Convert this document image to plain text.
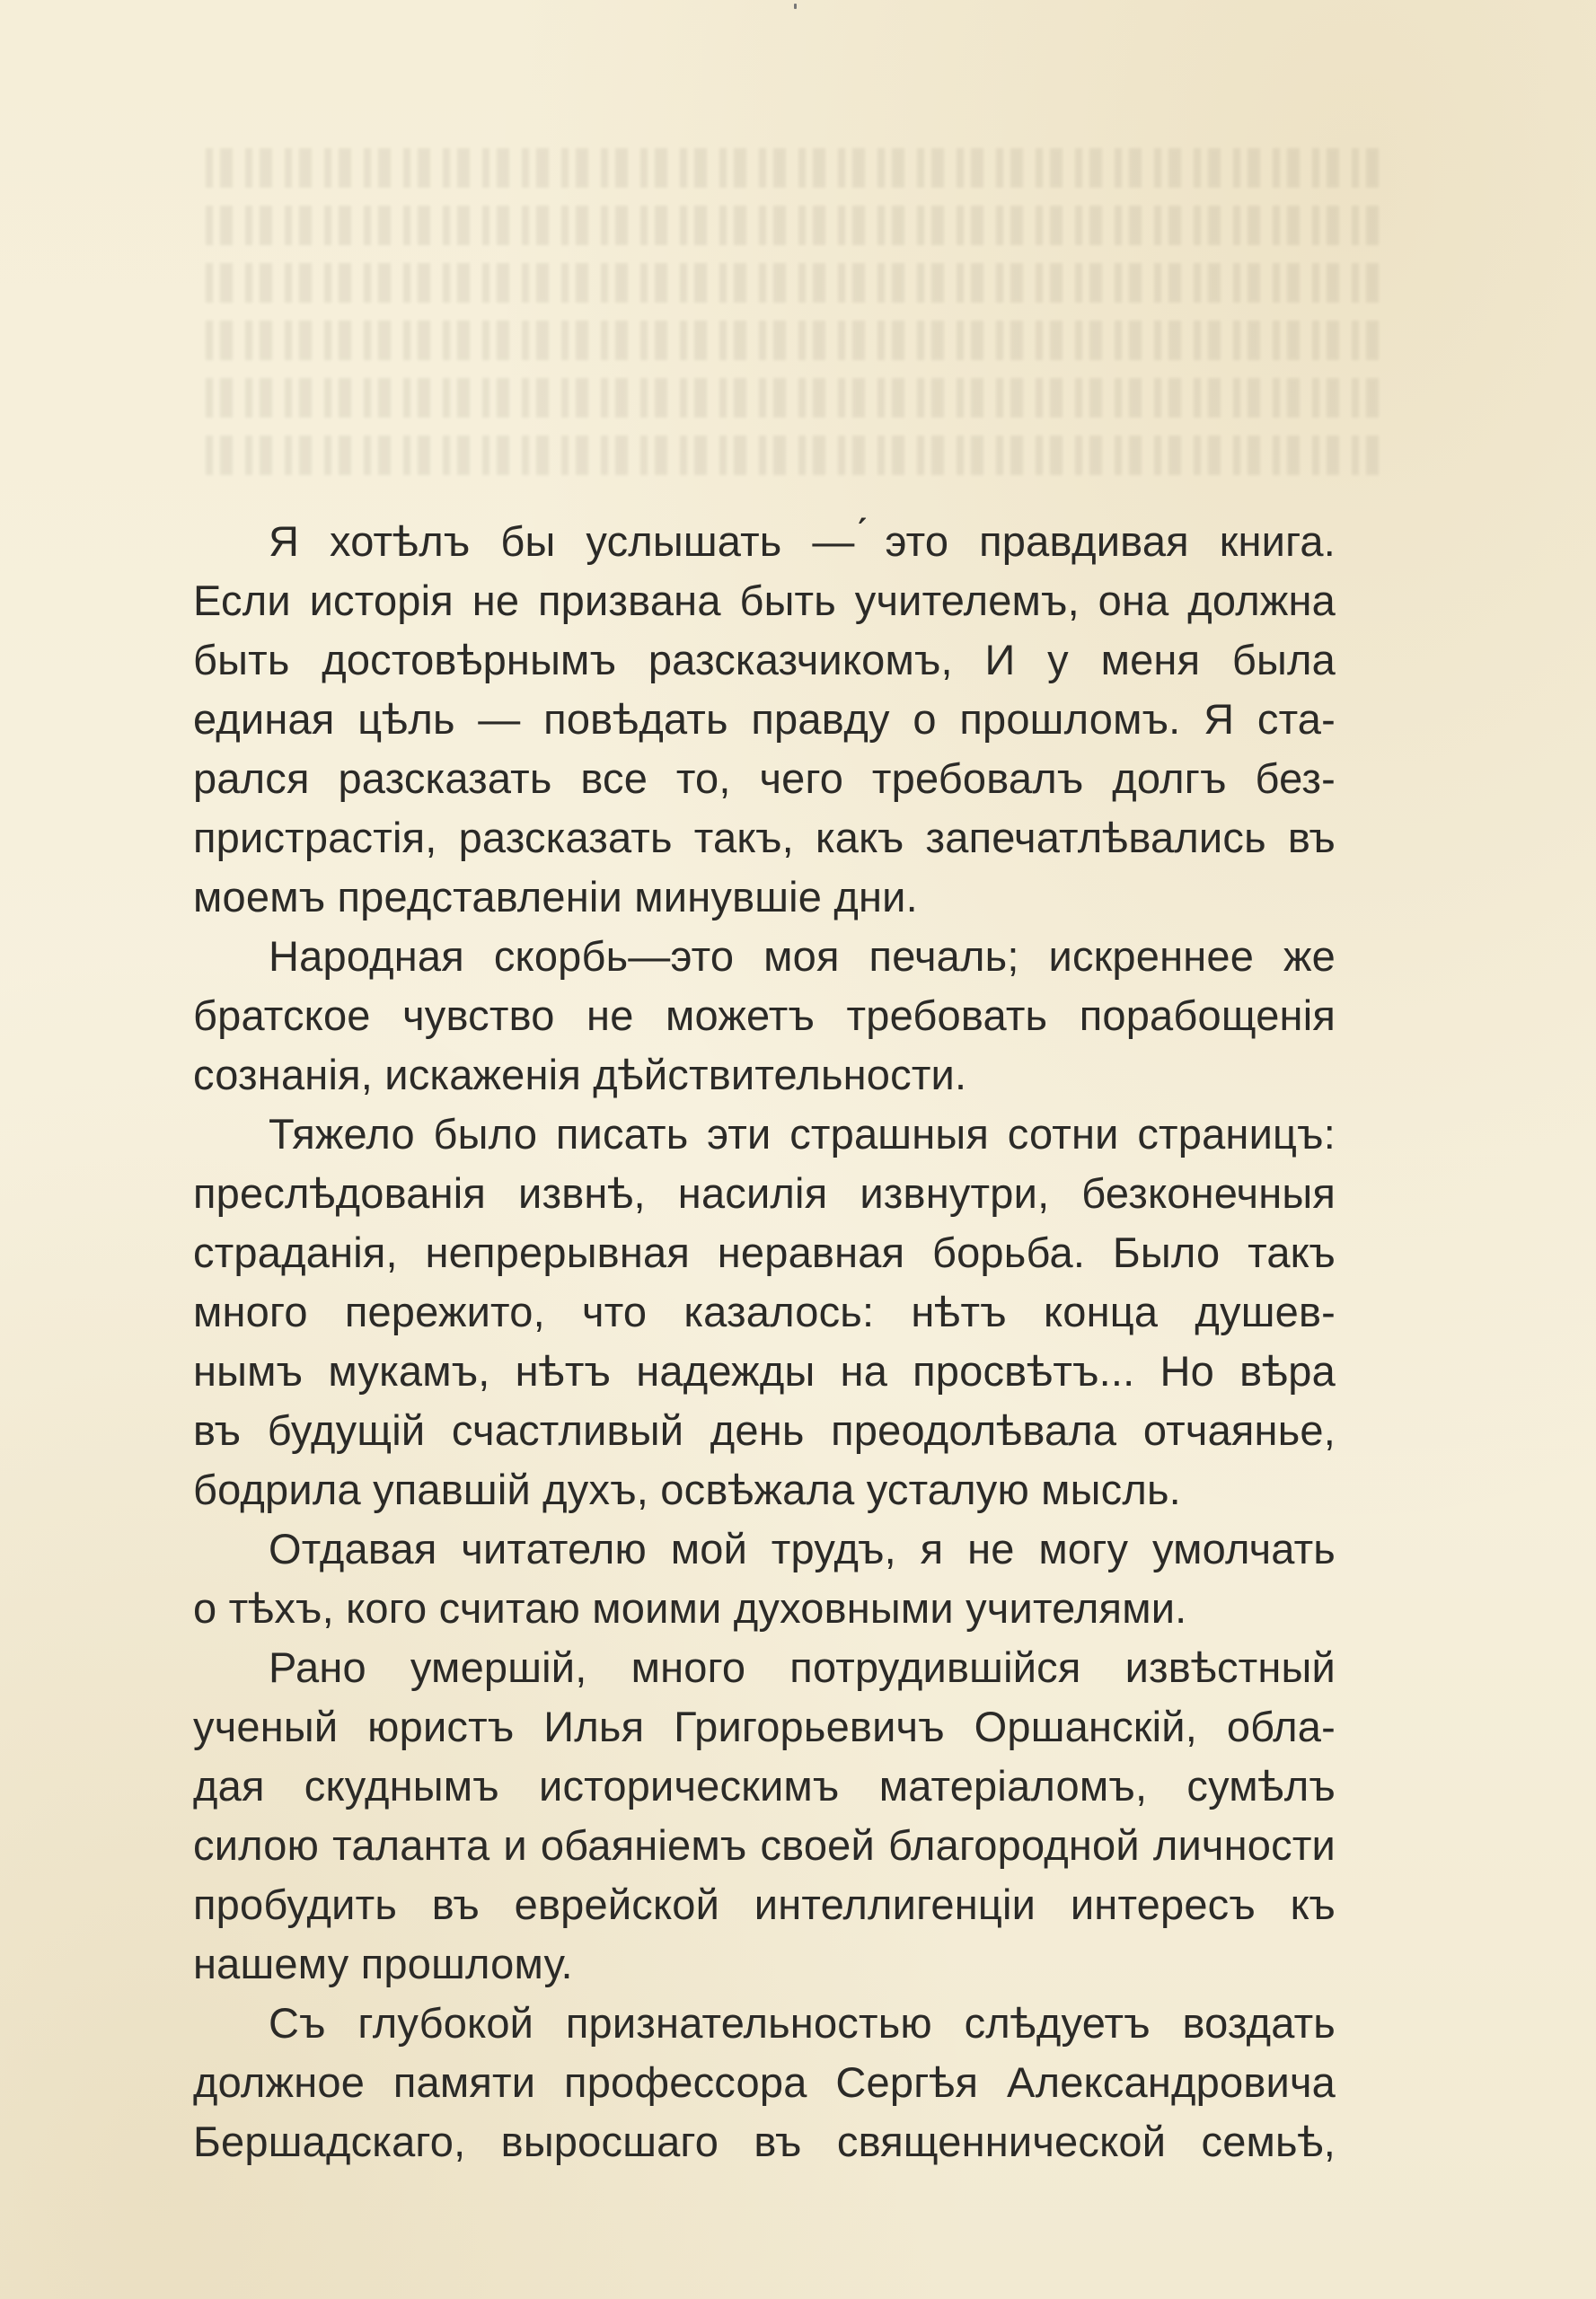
Я хотѣлъ бы услышать — ́это правдивая книга.
Если исторія не призвана быть учителемъ, она должна
быть достовѣрнымъ разсказчикомъ, И у меня была
единая цѣль — повѣдать правду о прошломъ. Я ста-
рался разсказать все то, чего требовалъ долгъ без-
пристрастія, разсказать такъ, какъ запечатлѣвались въ
моемъ представленіи минувшіе дни.
Народная скорбь—это моя печаль; искреннее же
братское чувство не можетъ требовать порабощенія
сознанія, искаженія дѣйствительности.
Тяжело было писать эти страшныя сотни страницъ:
преслѣдованія извнѣ, насилія извнутри, безконечныя
страданія, непрерывная неравная борьба. Было такъ
много пережито, что казалось: нѣтъ конца душев-
нымъ мукамъ, нѣтъ надежды на просвѣтъ... Но вѣра
въ будущій счастливый день преодолѣвала отчаянье,
бодрила упавшій духъ, освѣжала усталую мысль.
Отдавая читателю мой трудъ, я не могу умолчать
о тѣхъ, кого считаю моими духовными учителями.
Рано умершій, много потрудившійся извѣстный
ученый юристъ Илья Григорьевичъ Оршанскій, обла-
дая скуднымъ историческимъ матеріаломъ, сумѣлъ
силою таланта и обаяніемъ своей благородной личности
пробудить въ еврейской интеллигенціи интересъ къ
нашему прошлому.
Съ глубокой признательностью слѣдуетъ воздать
должное памяти профессора Сергѣя Александровича
Бершадскаго, выросшаго въ священнической семьѣ,
